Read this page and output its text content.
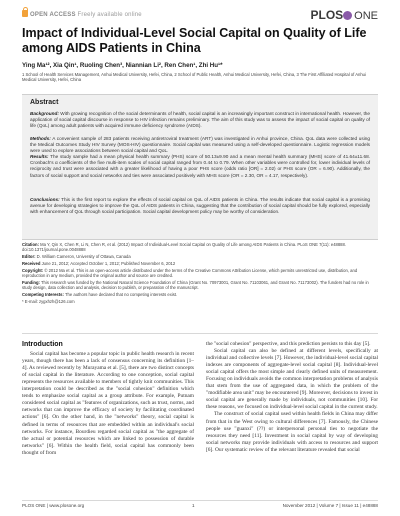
OPEN ACCESS Freely available online	PLOS ONE
Impact of Individual-Level Social Capital on Quality of Life among AIDS Patients in China

Ying Ma¹², Xia Qin¹, Ruoling Chen³, Niannian Li², Ren Chen¹, Zhi Hu¹*

1 School of Health Services Management, Anhui Medical University, Hefei, China, 2 School of Public Health, Anhui Medical University, Hefei, China, 3 The First Affiliated Hospital of Anhui Medical University, Hefei, China

Abstract

Background: With growing recognition of the social determinants of health, social capital is an increasingly important construct in international health. However, the application of social capital discourse in response to HIV infection remains preliminary. The aim of this study was to assess the impact of social capital on quality of life (QoL) among adult patients with acquired immune deficiency syndrome (AIDS).

Methods: A convenient sample of 283 patients receiving antiretroviral treatment (ART) was investigated in Anhui province, China. QoL data were collected using the Medical Outcomes Study HIV Survey (MOS-HIV) questionnaire. Social capital was measured using a self-developed questionnaire. Logistic regression models were used to explore associations between social capital and QoL.

Results: The study sample had a mean physical health summary (PHS) score of 50.13±9.90 and a mean mental health summary (MHS) score of 41.64±11.68. Cronbach's α coefficients of the five multi-item scales of social capital ranged from 0.44 to 0.79. When other variables were controlled for, lower individual levels of reciprocity and trust were associated with a greater likelihood of having a poor PHS score (odds ratio [OR] = 2.02) or PHS score (OR = 6.90). Additionally, the factors of social support and social networks and ties were associated positively with MHS score (OR = 2.30, OR = 4.17, respectively).

Conclusions: This is the first report to explore the effects of social capital on QoL of AIDS patients in China. The results indicate that social capital is a promising avenue for developing strategies to improve the QoL of AIDS patients in China, suggesting that the contribution of social capital should be fully explored, especially with enhancement of QoL through social participation. Social capital development policy may be worthy of consideration.

Citation: Ma Y, Qin X, Chen R, Li N, Chen R, et al. (2012) Impact of Individual-Level Social Capital on Quality of Life among AIDS Patients in China. PLoS ONE 7(11): e48888. doi:10.1371/journal.pone.0048888

Editor: D. William Cameron, University of Ottawa, Canada

Received June 21, 2012; Accepted October 1, 2012; Published November 6, 2012

Copyright: © 2012 Ma et al. This is an open-access article distributed under the terms of the Creative Commons Attribution License, which permits unrestricted use, distribution, and reproduction in any medium, provided the original author and source are credited.

Funding: This research was funded by the National Natural Science Foundation of China (Grant No. 70973001, Grant No. 71103061, and Grant No. 71173002). The funders had no role in study design, data collection and analysis, decision to publish, or preparation of the manuscript.

Competing Interests: The authors have declared that no competing interests exist.

* E-mail: zygxhzh@126.com

Introduction

Social capital has become a popular topic in public health research in recent years, though there has been a lack of consensus concerning its definition [1–4]. As reviewed recently by Murayama et al. [5], there are two distinct concepts of social capital in the literature. According to one conception, social capital represents the resources available to members of tightly knit communities. This interpretation could be described as the "social cohesion" definition which tends to emphasize social capital as a group attribute. For example, Putnam considered social capital as "features of organizations, such as trust, norms, and networks that can improve the efficacy of society by facilitating coordinated actions" [6]. On the other hand, in the "networks" theory, social capital is defined in terms of resources that are embedded within an individual's social networks. For instance, Bourdieu regarded social capital as "the aggregate of the actual or potential resources which are linked to possession of durable networks" [6]. Within the health field, social capital has commonly been thought of from

the "social cohesion" perspective, and this prediction persists to this day [5].

Social capital can also be defined at different levels, specifically at individual and collective levels [7]. However, the individual-level social capital indexes are components of aggregate-level social capital [8]. Individual-level social capital offers the most simple and clearly defined units of measurement. Focusing on individuals avoids the common interpretation problems of analysis that stem from the use of aggregated data, in which the problem of the "modifiable area unit" may be encountered [9]. Moreover, decisions to invest in social capital are generally made by individuals, not communities [10]. For these reasons, we focused on individual-level social capital in the current study.

The construct of social capital used within health fields in China may differ from that in the West owing to cultural differences [7]. Famously, the Chinese people use "guanxi" (??) or interpersonal personal ties to negotiate the resources they need [11]. Investment in social capital by way of developing social networks may provide individuals with access to resources and support [6]. Our systematic review of the relevant literature revealed that social

PLOS ONE | www.plosone.org	1	November 2012 | Volume 7 | Issue 11 | e48888
